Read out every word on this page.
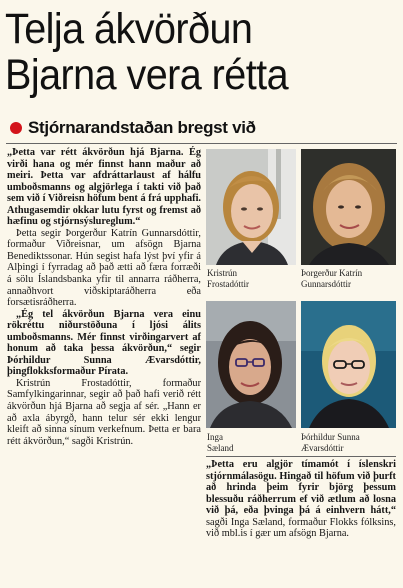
Telja ákvörðun
Bjarna vera rétta
Stjórnarandstaðan bregst við

„Þetta var rétt ákvörðun hjá Bjarna. Ég virði hana og mér finnst hann maður að meiri. Þetta var afdráttarlaust af hálfu umboðsmanns og algjörlega í takti við það sem við í Viðreisn höfum bent á frá upphafi. Athugasemdir okkar lutu fyrst og fremst að hæfinu og stjórnsýslureglum.“

Þetta segir Þorgerður Katrín Gunnarsdóttir, formaður Viðreisnar, um afsögn Bjarna Benediktssonar. Hún segist hafa lýst því yfir á Alþingi í fyrradag að það ætti að færa forræði á sölu Íslandsbanka yfir til annarra ráðherra, annaðhvort viðskiptaráðherra eða forsætisráðherra.

„Ég tel ákvörðun Bjarna vera einu rökréttu niðurstöðuna í ljósi álits umboðsmanns. Mér finnst virðingarvert af honum að taka þessa ákvörðun,“ segir Þórhildur Sunna Ævarsdóttir, þingflokksformaður Pírata.

Kristrún Frostadóttir, formaður Samfylkingarinnar, segir að það hafi verið rétt ákvörðun hjá Bjarna að segja af sér. „Hann er að axla ábyrgð, hann telur sér ekki lengur kleift að sinna sínum verkefnum. Þetta er bara rétt ákvörðun,“ sagði Kristrún.

Kristrún
Frostadóttir
Þorgerður Katrín
Gunnarsdóttir
Inga
Sæland
Þórhildur Sunna
Ævarsdóttir

„Þetta eru algjör tímamót í íslenskri stjórnmálasögu. Hingað til höfum við þurft að hrinda þeim fyrir björg þessum blessuðu ráðherrum ef við ætlum að losna við þá, eða þvinga þá á einhvern hátt,“ sagði Inga Sæland, formaður Flokks fólksins, við mbl.is í gær um afsögn Bjarna.
